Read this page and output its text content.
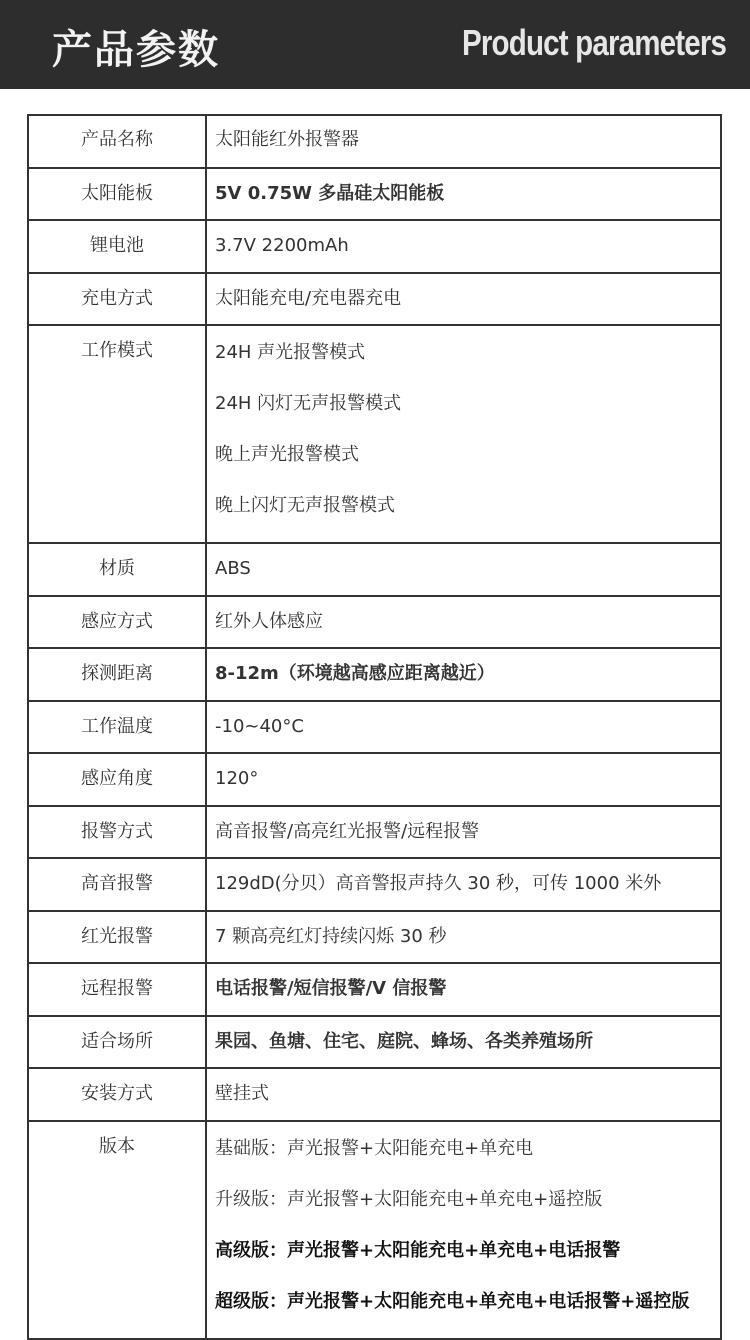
产品参数	Product parameters
产品名称	太阳能红外报警器
太阳能板	5V 0.75W 多晶硅太阳能板
锂电池	3.7V 2200mAh
充电方式	太阳能充电/充电器充电
工作模式	24H 声光报警模式
24H 闪灯无声报警模式
晚上声光报警模式
晚上闪灯无声报警模式

材质	ABS
感应方式	红外人体感应
探测距离	8-12m（环境越高感应距离越近）
工作温度	-10~40°C
感应角度	120°
报警方式	高音报警/高亮红光报警/远程报警
高音报警	129dD(分贝）高音警报声持久 30 秒，可传 1000 米外
红光报警	7 颗高亮红灯持续闪烁 30 秒
远程报警	电话报警/短信报警/V 信报警
适合场所	果园、鱼塘、住宅、庭院、蜂场、各类养殖场所
安装方式	壁挂式
版本	基础版：声光报警+太阳能充电+单充电
升级版：声光报警+太阳能充电+单充电+遥控版
高级版：声光报警+太阳能充电+单充电+电话报警
超级版：声光报警+太阳能充电+单充电+电话报警+遥控版
